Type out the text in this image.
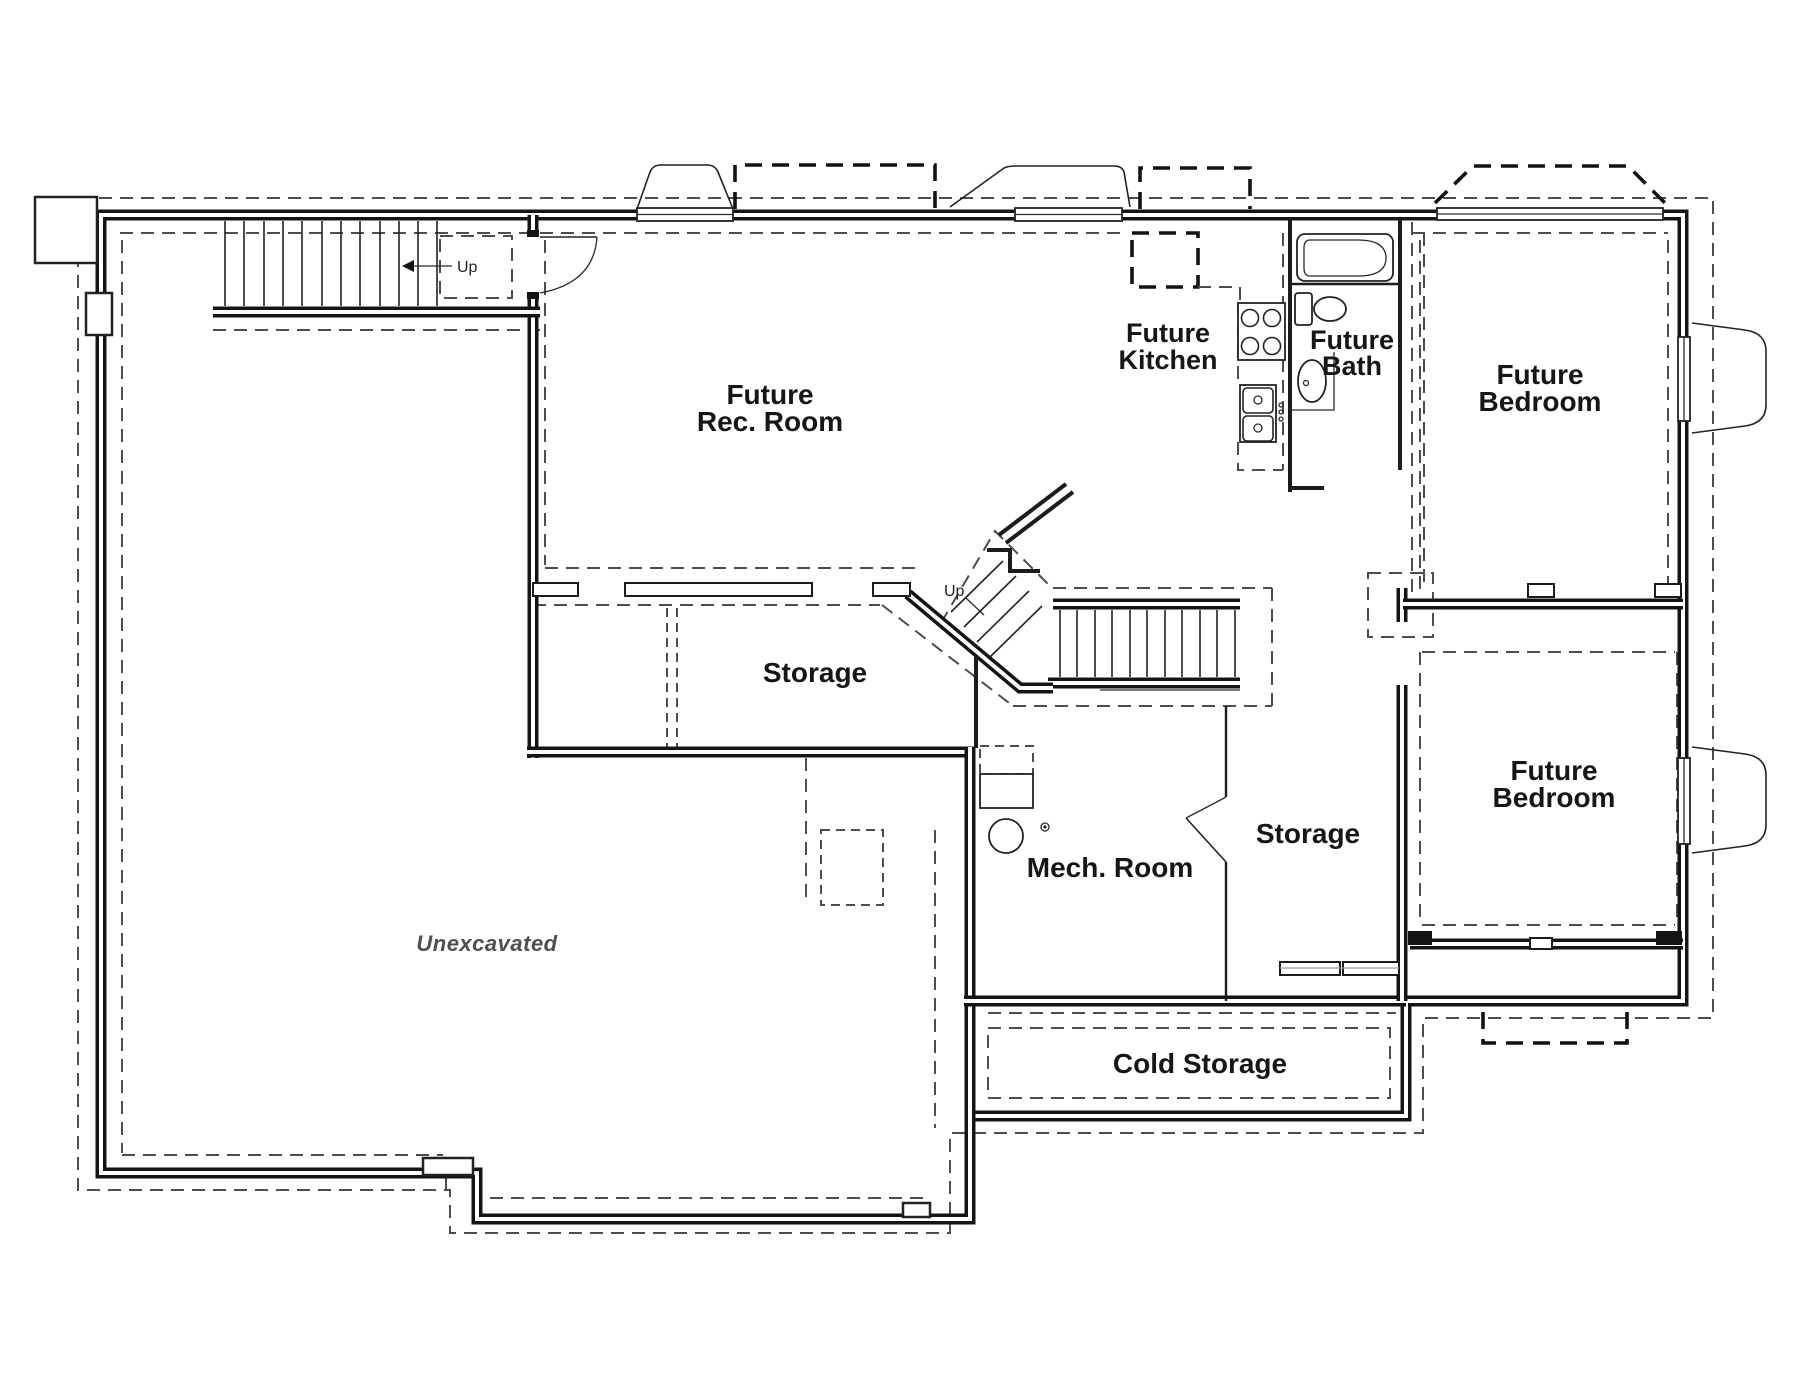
Up
Up
Future
Rec. Room
Future
Kitchen
Future
Bath	Future
Bedroom
Storage
Storage
Mech. Room
Future
Bedroom
Cold Storage
Unexcavated
